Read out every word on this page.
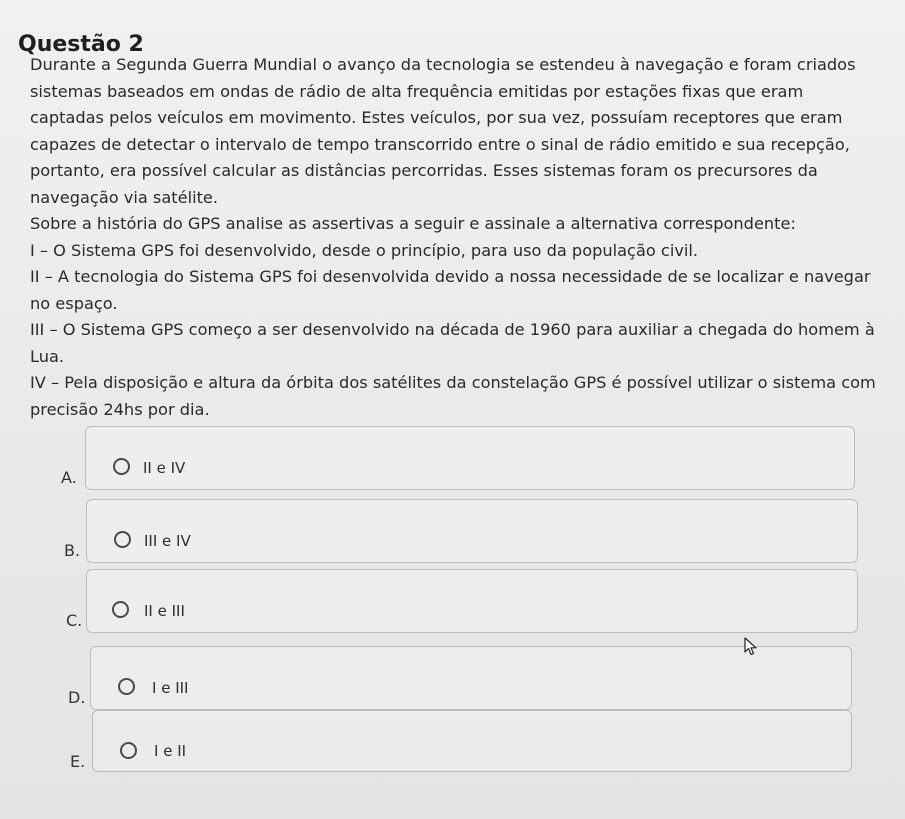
Questão 2

Durante a Segunda Guerra Mundial o avanço da tecnologia se estendeu à navegação e foram criados sistemas baseados em ondas de rádio de alta frequência emitidas por estações fixas que eram captadas pelos veículos em movimento. Estes veículos, por sua vez, possuíam receptores que eram capazes de detectar o intervalo de tempo transcorrido entre o sinal de rádio emitido e sua recepção, portanto, era possível calcular as distâncias percorridas. Esses sistemas foram os precursores da navegação via satélite.

Sobre a história do GPS analise as assertivas a seguir e assinale a alternativa correspondente:

I – O Sistema GPS foi desenvolvido, desde o princípio, para uso da população civil.

II – A tecnologia do Sistema GPS foi desenvolvida devido a nossa necessidade de se localizar e navegar no espaço.

III – O Sistema GPS começo a ser desenvolvido na década de 1960 para auxiliar a chegada do homem à Lua.

IV – Pela disposição e altura da órbita dos satélites da constelação GPS é possível utilizar o sistema com precisão 24hs por dia.

A.	II e IV
B.	III e IV
C.	II e III
D.	I e III
E.
I e II
